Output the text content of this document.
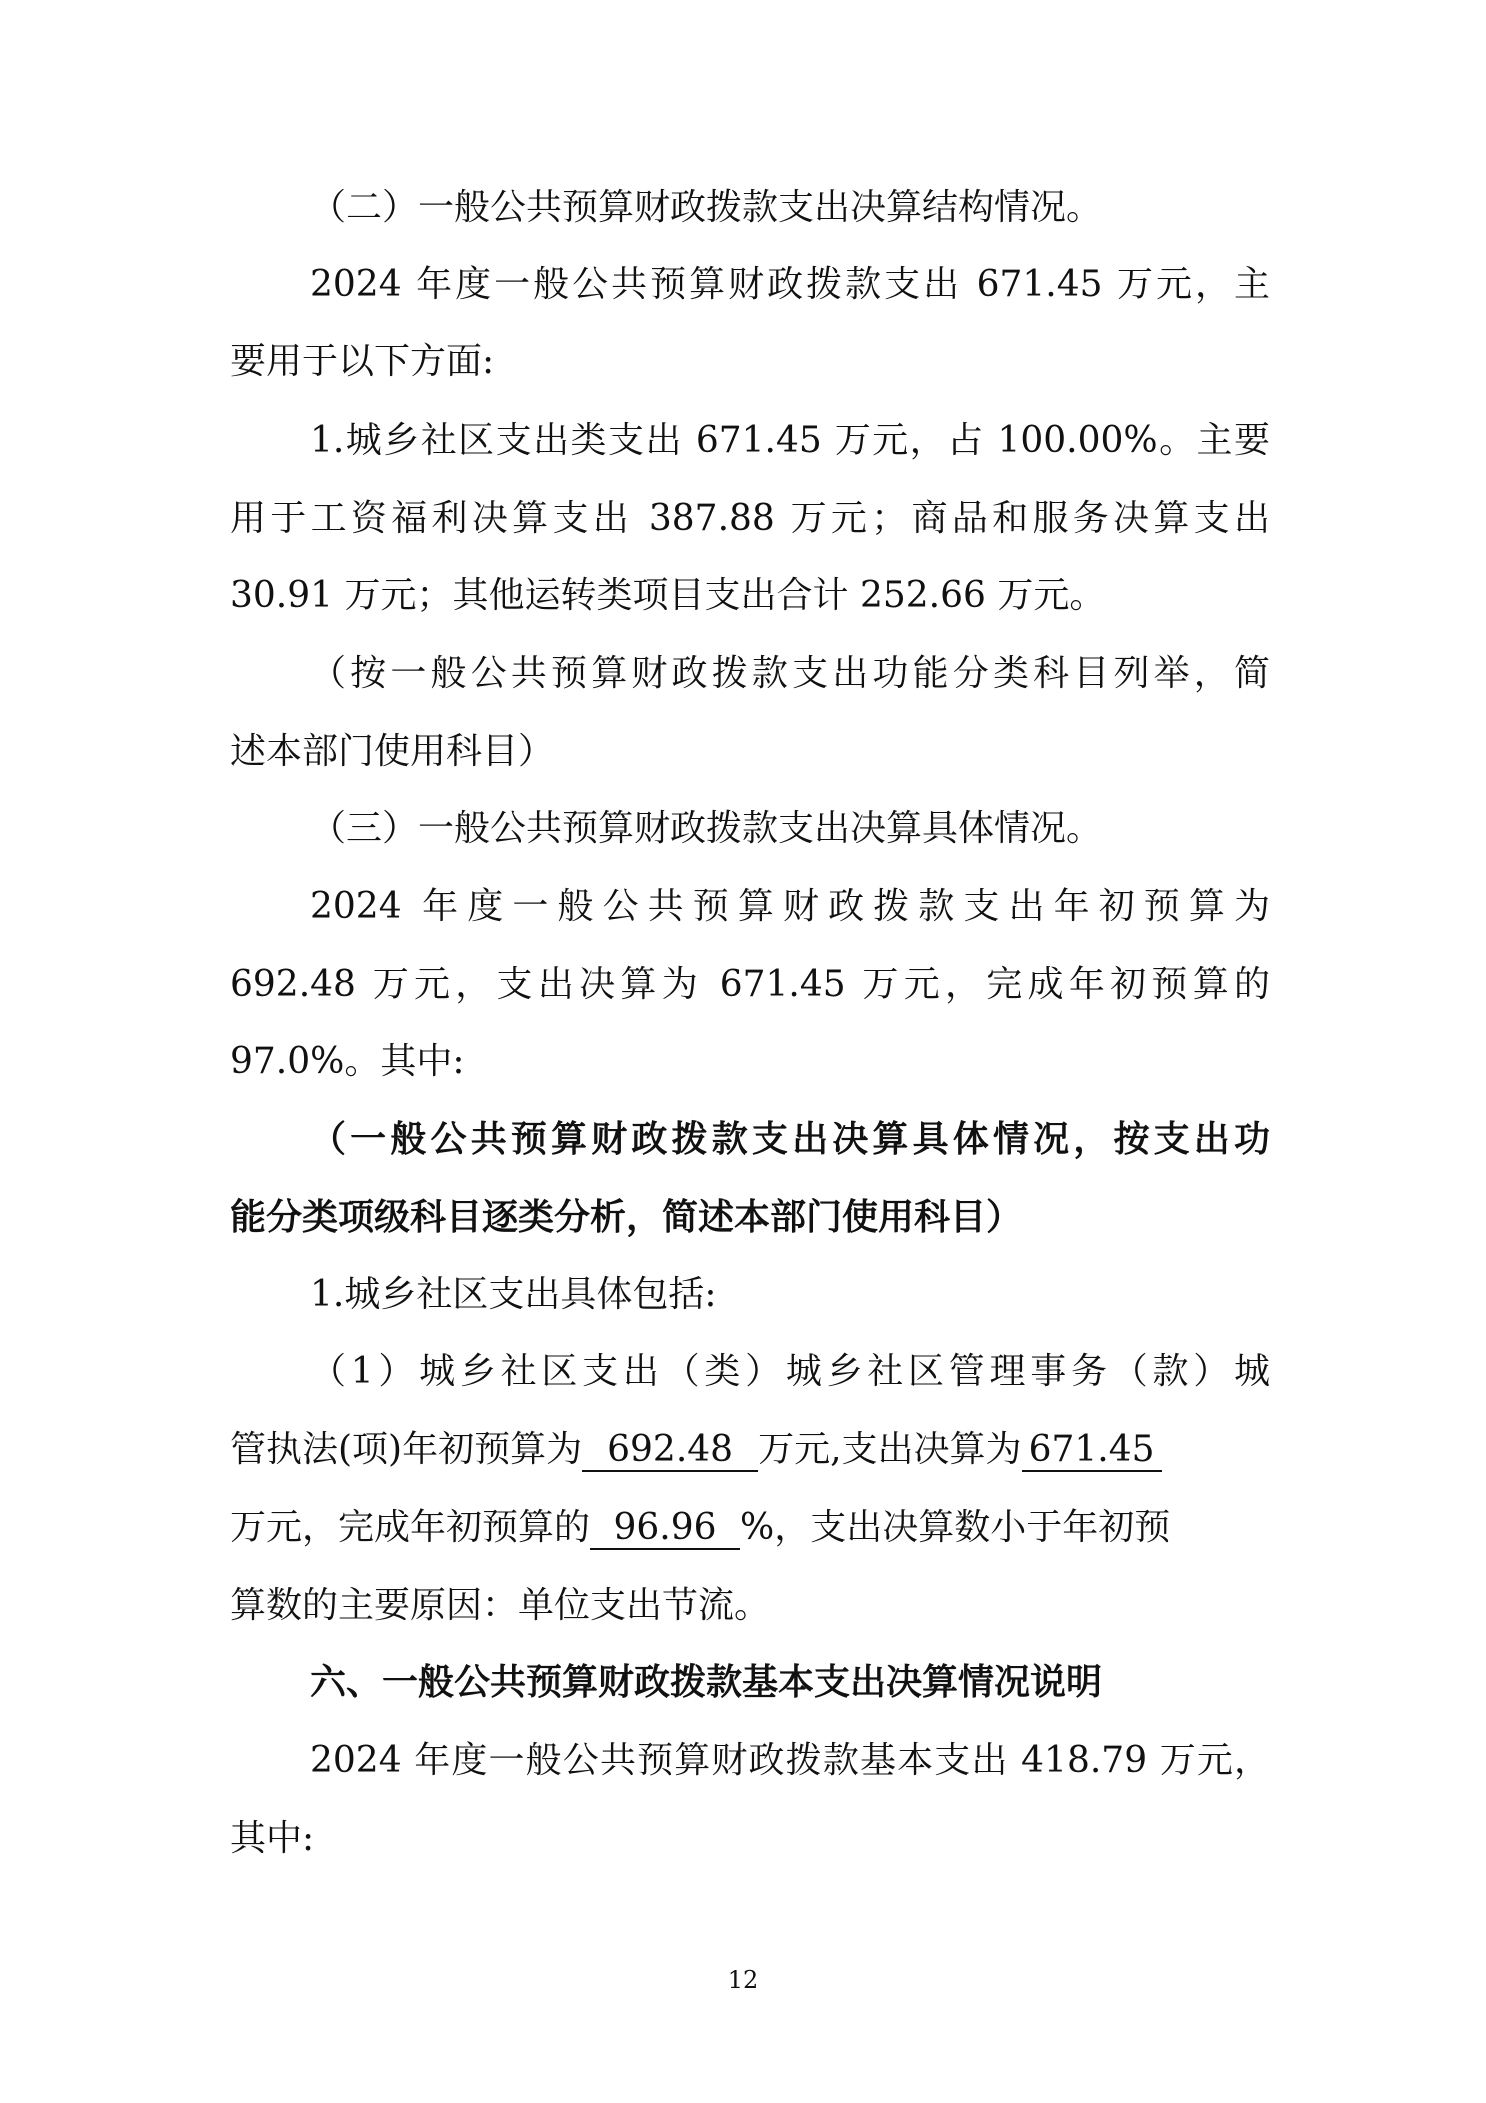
（二）一般公共预算财政拨款支出决算结构情况。
2024 年度一般公共预算财政拨款支出 671.45 万元，主
要用于以下方面:
1.城乡社区支出类支出 671.45 万元，占 100.00%。主要
用于工资福利决算支出 387.88 万元；商品和服务决算支出
30.91 万元；其他运转类项目支出合计 252.66 万元。
（按一般公共预算财政拨款支出功能分类科目列举，简
述本部门使用科目）
（三）一般公共预算财政拨款支出决算具体情况。
2024 年度一般公共预算财政拨款支出年初预算为
692.48 万元，支出决算为 671.45 万元，完成年初预算的
97.0%。其中:
（一般公共预算财政拨款支出决算具体情况，按支出功
能分类项级科目逐类分析，简述本部门使用科目）
1.城乡社区支出具体包括:
（1）城乡社区支出（类）城乡社区管理事务（款）城
管执法(项)年初预算为 692.48 万元,支出决算为 671.45
万元，完成年初预算的 96.96 %，支出决算数小于年初预
算数的主要原因：单位支出节流。
六、一般公共预算财政拨款基本支出决算情况说明
2024 年度一般公共预算财政拨款基本支出 418.79 万元，
其中:
12
